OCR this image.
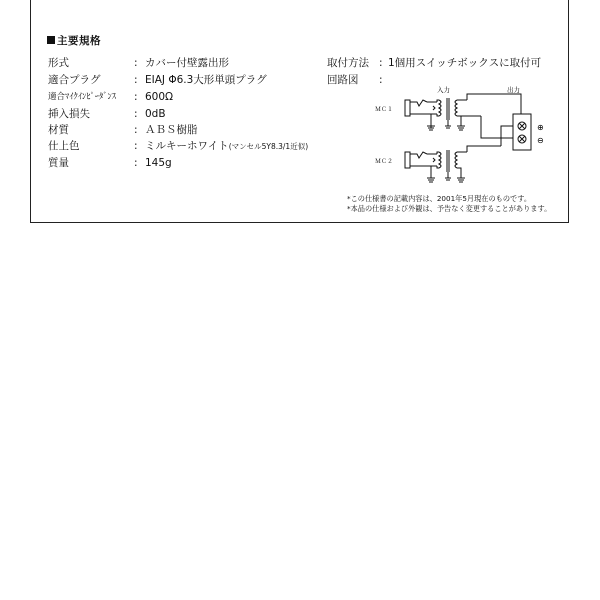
主要規格
形式	: カバー付壁露出形
適合プラグ	: EIAJ Φ6.3大形単頭プラグ
適合ﾏｲｸｲﾝﾋﾟｰﾀﾞﾝｽ : 600Ω
挿入損失	: 0dB
材質	: ＡＢＳ樹脂
仕上色	: ミルキーホワイト(マンセル5Y8.3/1近似)
質量	: 145g
取付方法 : 1個用スイッチボックスに取付可
回路図 :
入力	出力
ＭＣ１
ＭＣ２
⊕
⊖
*この仕様書の記載内容は、2001年5月現在のものです。
*本品の仕様および外観は、予告なく変更することがあります。
